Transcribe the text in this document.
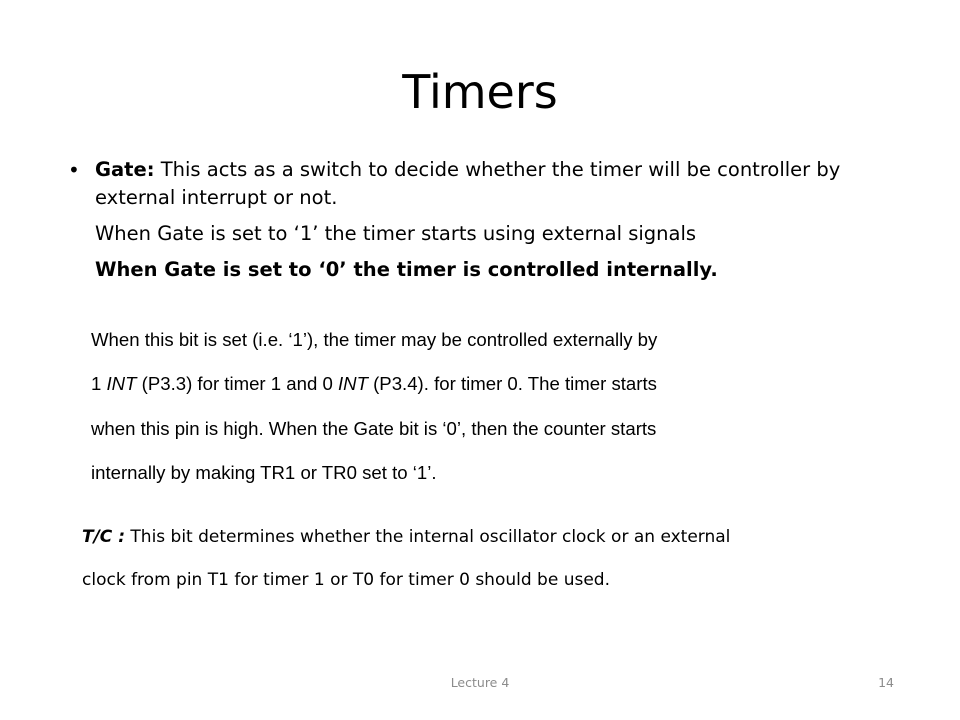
Timers
• Gate: This acts as a switch to decide whether the timer will be controller by external interrupt or not.
When Gate is set to ‘1’ the timer starts using external signals
When Gate is set to ‘0’ the timer is controlled internally.

When this bit is set (i.e. ‘1’), the timer may be controlled externally by
1 INT (P3.3) for timer 1 and 0 INT (P3.4). for timer 0. The timer starts
when this pin is high. When the Gate bit is ‘0’, then the counter starts
internally by making TR1 or TR0 set to ‘1’.

T/C : This bit determines whether the internal oscillator clock or an external
clock from pin T1 for timer 1 or T0 for timer 0 should be used.
Lecture 4	14
